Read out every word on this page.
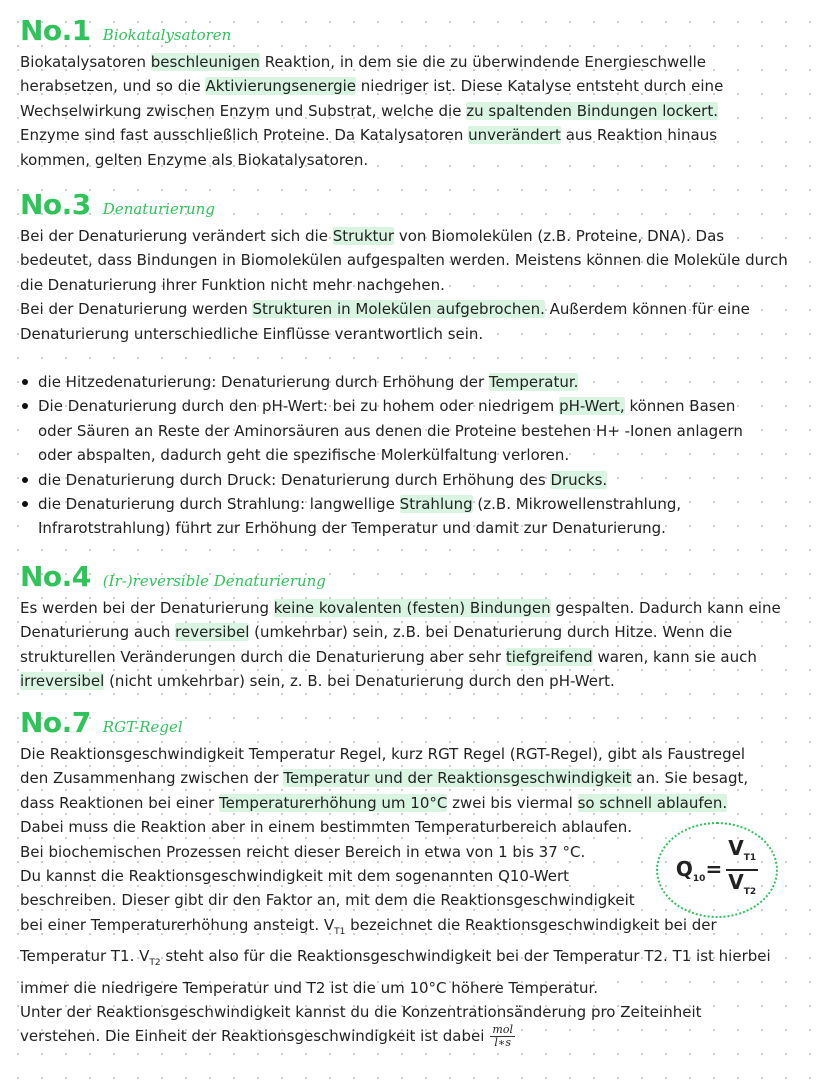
No.1 Biokatalysatoren
Biokatalysatoren beschleunigen Reaktion, in dem sie die zu überwindende Energieschwelle
herabsetzen, und so die Aktivierungsenergie niedriger ist. Diese Katalyse entsteht durch eine
Wechselwirkung zwischen Enzym und Substrat, welche die zu spaltenden Bindungen lockert.
Enzyme sind fast ausschließlich Proteine. Da Katalysatoren unverändert aus Reaktion hinaus
kommen, gelten Enzyme als Biokatalysatoren.
No.3 Denaturierung
Bei der Denaturierung verändert sich die Struktur von Biomolekülen (z.B. Proteine, DNA). Das
bedeutet, dass Bindungen in Biomolekülen aufgespalten werden. Meistens können die Moleküle durch
die Denaturierung ihrer Funktion nicht mehr nachgehen.
Bei der Denaturierung werden Strukturen in Molekülen aufgebrochen. Außerdem können für eine
Denaturierung unterschiedliche Einflüsse verantwortlich sein.
die Hitzedenaturierung: Denaturierung durch Erhöhung der Temperatur.
Die Denaturierung durch den pH-Wert: bei zu hohem oder niedrigem pH-Wert, können Basen
oder Säuren an Reste der Aminorsäuren aus denen die Proteine bestehen H+ -Ionen anlagern
oder abspalten, dadurch geht die spezifische Molerkülfaltung verloren.
die Denaturierung durch Druck: Denaturierung durch Erhöhung des Drucks.
die Denaturierung durch Strahlung: langwellige Strahlung (z.B. Mikrowellenstrahlung,
Infrarotstrahlung) führt zur Erhöhung der Temperatur und damit zur Denaturierung.
No.4 (Ir-)reversible Denaturierung
Es werden bei der Denaturierung keine kovalenten (festen) Bindungen gespalten. Dadurch kann eine
Denaturierung auch reversibel (umkehrbar) sein, z.B. bei Denaturierung durch Hitze. Wenn die
strukturellen Veränderungen durch die Denaturierung aber sehr tiefgreifend waren, kann sie auch
irreversibel (nicht umkehrbar) sein, z. B. bei Denaturierung durch den pH-Wert.
No.7 RGT-Regel
Die Reaktionsgeschwindigkeit Temperatur Regel, kurz RGT Regel (RGT-Regel), gibt als Faustregel
den Zusammenhang zwischen der Temperatur und der Reaktionsgeschwindigkeit an. Sie besagt,
dass Reaktionen bei einer Temperaturerhöhung um 10°C zwei bis viermal so schnell ablaufen.
Dabei muss die Reaktion aber in einem bestimmten Temperaturbereich ablaufen.
Bei biochemischen Prozessen reicht dieser Bereich in etwa von 1 bis 37 °C.
Du kannst die Reaktionsgeschwindigkeit mit dem sogenannten Q10-Wert
beschreiben. Dieser gibt dir den Faktor an, mit dem die Reaktionsgeschwindigkeit
bei einer Temperaturerhöhung ansteigt. $V_{T1}$ bezeichnet die Reaktionsgeschwindigkeit bei der
Temperatur T1. $V_{T2}$ steht also für die Reaktionsgeschwindigkeit bei der Temperatur T2. T1 ist hierbei
immer die niedrigere Temperatur und T2 ist die um 10°C höhere Temperatur.
Unter der Reaktionsgeschwindigkeit kannst du die Konzentrationsänderung pro Zeiteinheit
verstehen. Die Einheit der Reaktionsgeschwindigkeit ist dabei mol
l∗s
$Q_{10}= \frac{V_{T1}}{V_{T2}}$
